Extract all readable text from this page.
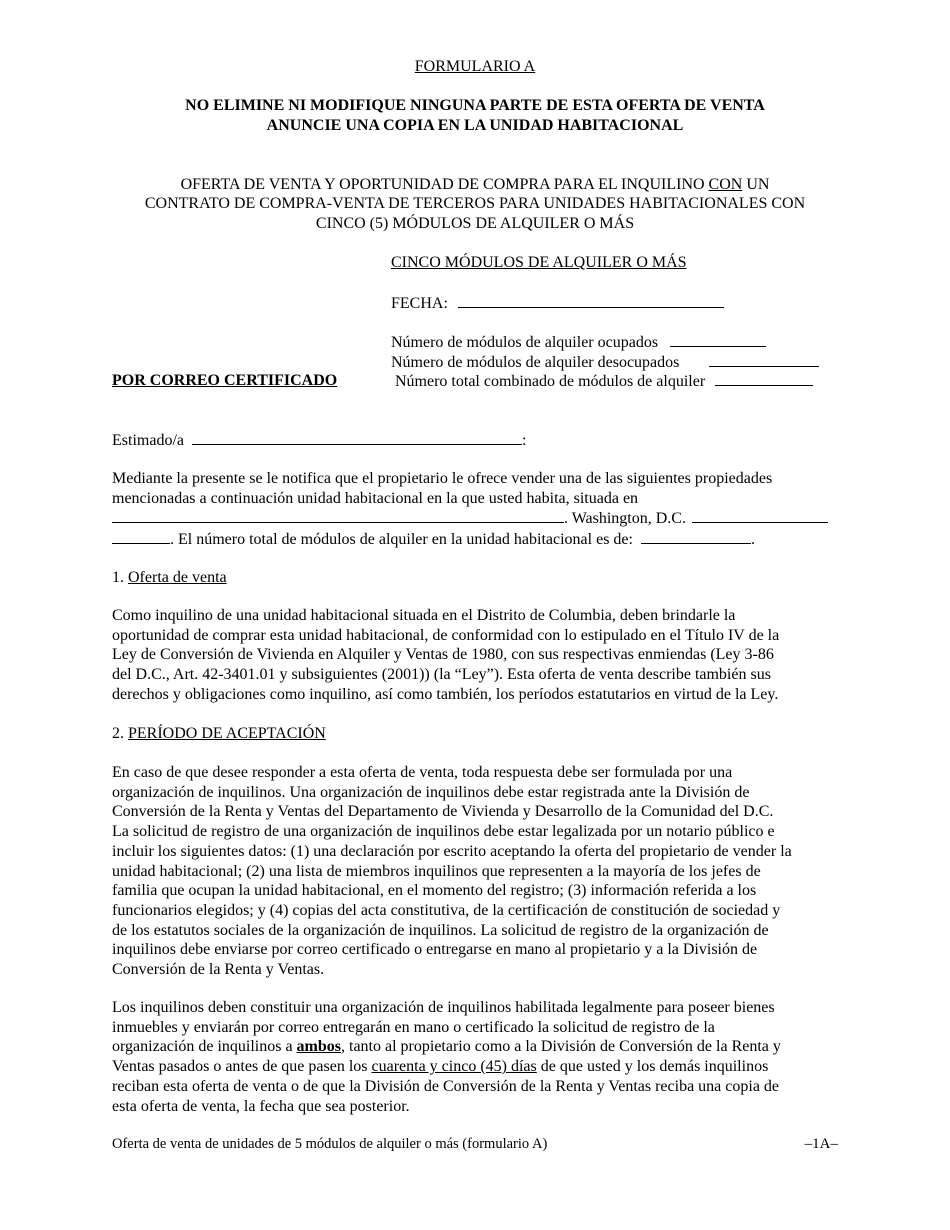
FORMULARIO A
NO ELIMINE NI MODIFIQUE NINGUNA PARTE DE ESTA OFERTA DE VENTA
ANUNCIE UNA COPIA EN LA UNIDAD HABITACIONAL
OFERTA DE VENTA Y OPORTUNIDAD DE COMPRA PARA EL INQUILINO CON UN
CONTRATO DE COMPRA-VENTA DE TERCEROS PARA UNIDADES HABITACIONALES CON
CINCO (5) MÓDULOS DE ALQUILER O MÁS
CINCO MÓDULOS DE ALQUILER O MÁS
FECHA:
Número de módulos de alquiler ocupados
Número de módulos de alquiler desocupados
POR CORREO CERTIFICADO	Número total combinado de módulos de alquiler
Estimado/a	:

Mediante la presente se le notifica que el propietario le ofrece vender una de las siguientes propiedades

mencionadas a continuación unidad habitacional en la que usted habita, situada en

. Washington, D.C.

. El número total de módulos de alquiler en la unidad habitacional es de:	.

1. Oferta de venta

Como inquilino de una unidad habitacional situada en el Distrito de Columbia, deben brindarle la

oportunidad de comprar esta unidad habitacional, de conformidad con lo estipulado en el Título IV de la

Ley de Conversión de Vivienda en Alquiler y Ventas de 1980, con sus respectivas enmiendas (Ley 3-86

del D.C., Art. 42-3401.01 y subsiguientes (2001)) (la “Ley”). Esta oferta de venta describe también sus

derechos y obligaciones como inquilino, así como también, los períodos estatutarios en virtud de la Ley.

2. PERÍODO DE ACEPTACIÓN

En caso de que desee responder a esta oferta de venta, toda respuesta debe ser formulada por una

organización de inquilinos. Una organización de inquilinos debe estar registrada ante la División de

Conversión de la Renta y Ventas del Departamento de Vivienda y Desarrollo de la Comunidad del D.C.

La solicitud de registro de una organización de inquilinos debe estar legalizada por un notario público e

incluir los siguientes datos: (1) una declaración por escrito aceptando la oferta del propietario de vender la

unidad habitacional; (2) una lista de miembros inquilinos que representen a la mayoría de los jefes de

familia que ocupan la unidad habitacional, en el momento del registro; (3) información referida a los

funcionarios elegidos; y (4) copias del acta constitutiva, de la certificación de constitución de sociedad y

de los estatutos sociales de la organización de inquilinos. La solicitud de registro de la organización de

inquilinos debe enviarse por correo certificado o entregarse en mano al propietario y a la División de

Conversión de la Renta y Ventas.

Los inquilinos deben constituir una organización de inquilinos habilitada legalmente para poseer bienes

inmuebles y enviarán por correo entregarán en mano o certificado la solicitud de registro de la

organización de inquilinos a ambos, tanto al propietario como a la División de Conversión de la Renta y

Ventas pasados o antes de que pasen los cuarenta y cinco (45) días de que usted y los demás inquilinos

reciban esta oferta de venta o de que la División de Conversión de la Renta y Ventas reciba una copia de

esta oferta de venta, la fecha que sea posterior.

Oferta de venta de unidades de 5 módulos de alquiler o más (formulario A)	–1A–
